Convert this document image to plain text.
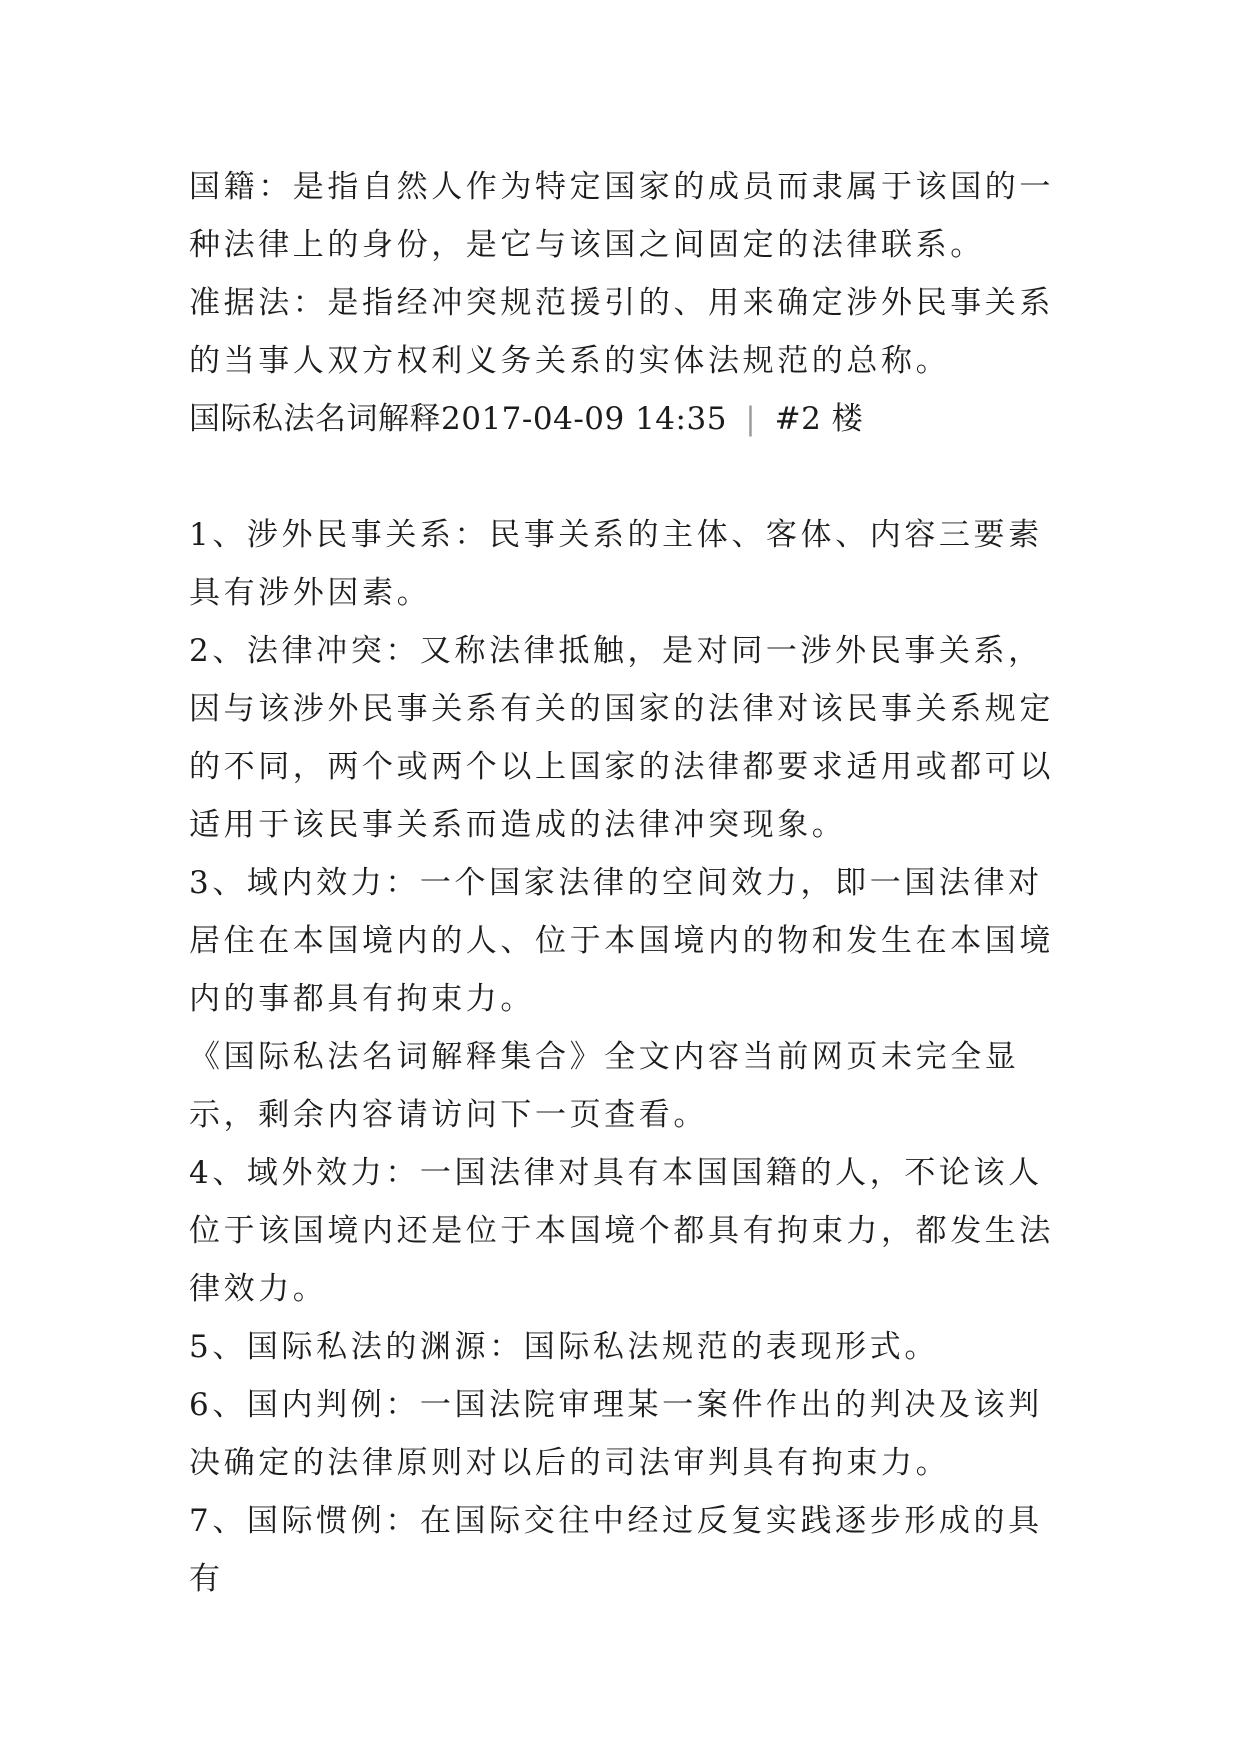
国籍：是指自然人作为特定国家的成员而隶属于该国的一种法律上的身份，是它与该国之间固定的法律联系。

准据法：是指经冲突规范援引的、用来确定涉外民事关系的当事人双方权利义务关系的实体法规范的总称。

国际私法名词解释2017-04-09 14:35 | #2 楼

1、涉外民事关系：民事关系的主体、客体、内容三要素具有涉外因素。

2、法律冲突：又称法律抵触，是对同一涉外民事关系，因与该涉外民事关系有关的国家的法律对该民事关系规定的不同，两个或两个以上国家的法律都要求适用或都可以适用于该民事关系而造成的法律冲突现象。

3、域内效力：一个国家法律的空间效力，即一国法律对居住在本国境内的人、位于本国境内的物和发生在本国境内的事都具有拘束力。

《国际私法名词解释集合》全文内容当前网页未完全显示，剩余内容请访问下一页查看。

4、域外效力：一国法律对具有本国国籍的人，不论该人位于该国境内还是位于本国境个都具有拘束力，都发生法律效力。

5、国际私法的渊源：国际私法规范的表现形式。

6、国内判例：一国法院审理某一案件作出的判决及该判决确定的法律原则对以后的司法审判具有拘束力。

7、国际惯例：在国际交往中经过反复实践逐步形成的具有
